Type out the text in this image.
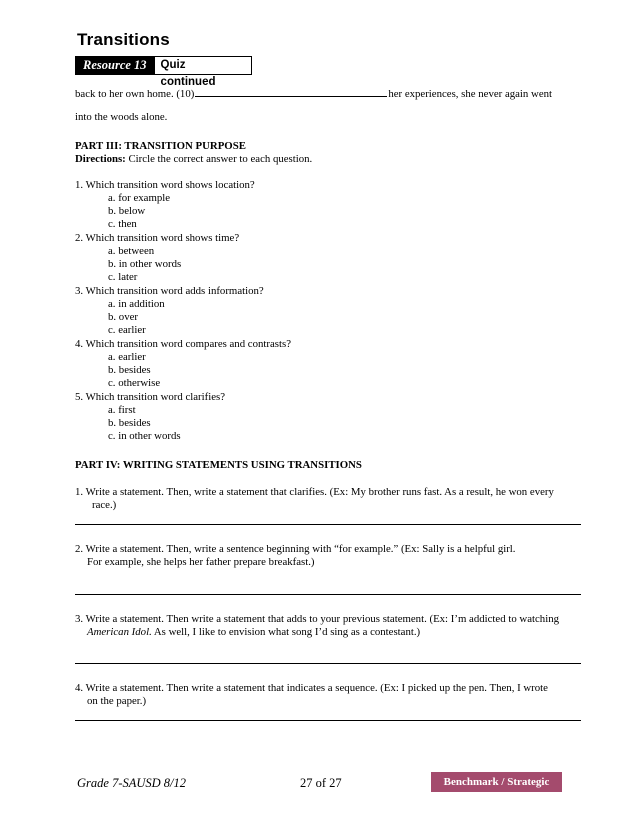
Transitions
Resource 13	Quiz continued
back to her own home. (10)	her experiences, she never again went
into the woods alone.
PART III: TRANSITION PURPOSE
Directions: Circle the correct answer to each question.
1. Which transition word shows location?
a. for example
b. below
c. then
2. Which transition word shows time?
a. between
b. in other words
c. later
3. Which transition word adds information?
a. in addition
b. over
c. earlier
4. Which transition word compares and contrasts?
a. earlier
b. besides
c. otherwise
5. Which transition word clarifies?
a. first
b. besides
c. in other words
PART IV: WRITING STATEMENTS USING TRANSITIONS
1. Write a statement. Then, write a statement that clarifies. (Ex: My brother runs fast. As a result, he won every
race.)
2. Write a statement. Then, write a sentence beginning with “for example.” (Ex: Sally is a helpful girl.
For example, she helps her father prepare breakfast.)
3. Write a statement. Then write a statement that adds to your previous statement. (Ex: I’m addicted to watching
American Idol. As well, I like to envision what song I’d sing as a contestant.)
4. Write a statement. Then write a statement that indicates a sequence. (Ex: I picked up the pen. Then, I wrote
on the paper.)
Grade 7-SAUSD 8/12	27 of 27	Benchmark / Strategic
